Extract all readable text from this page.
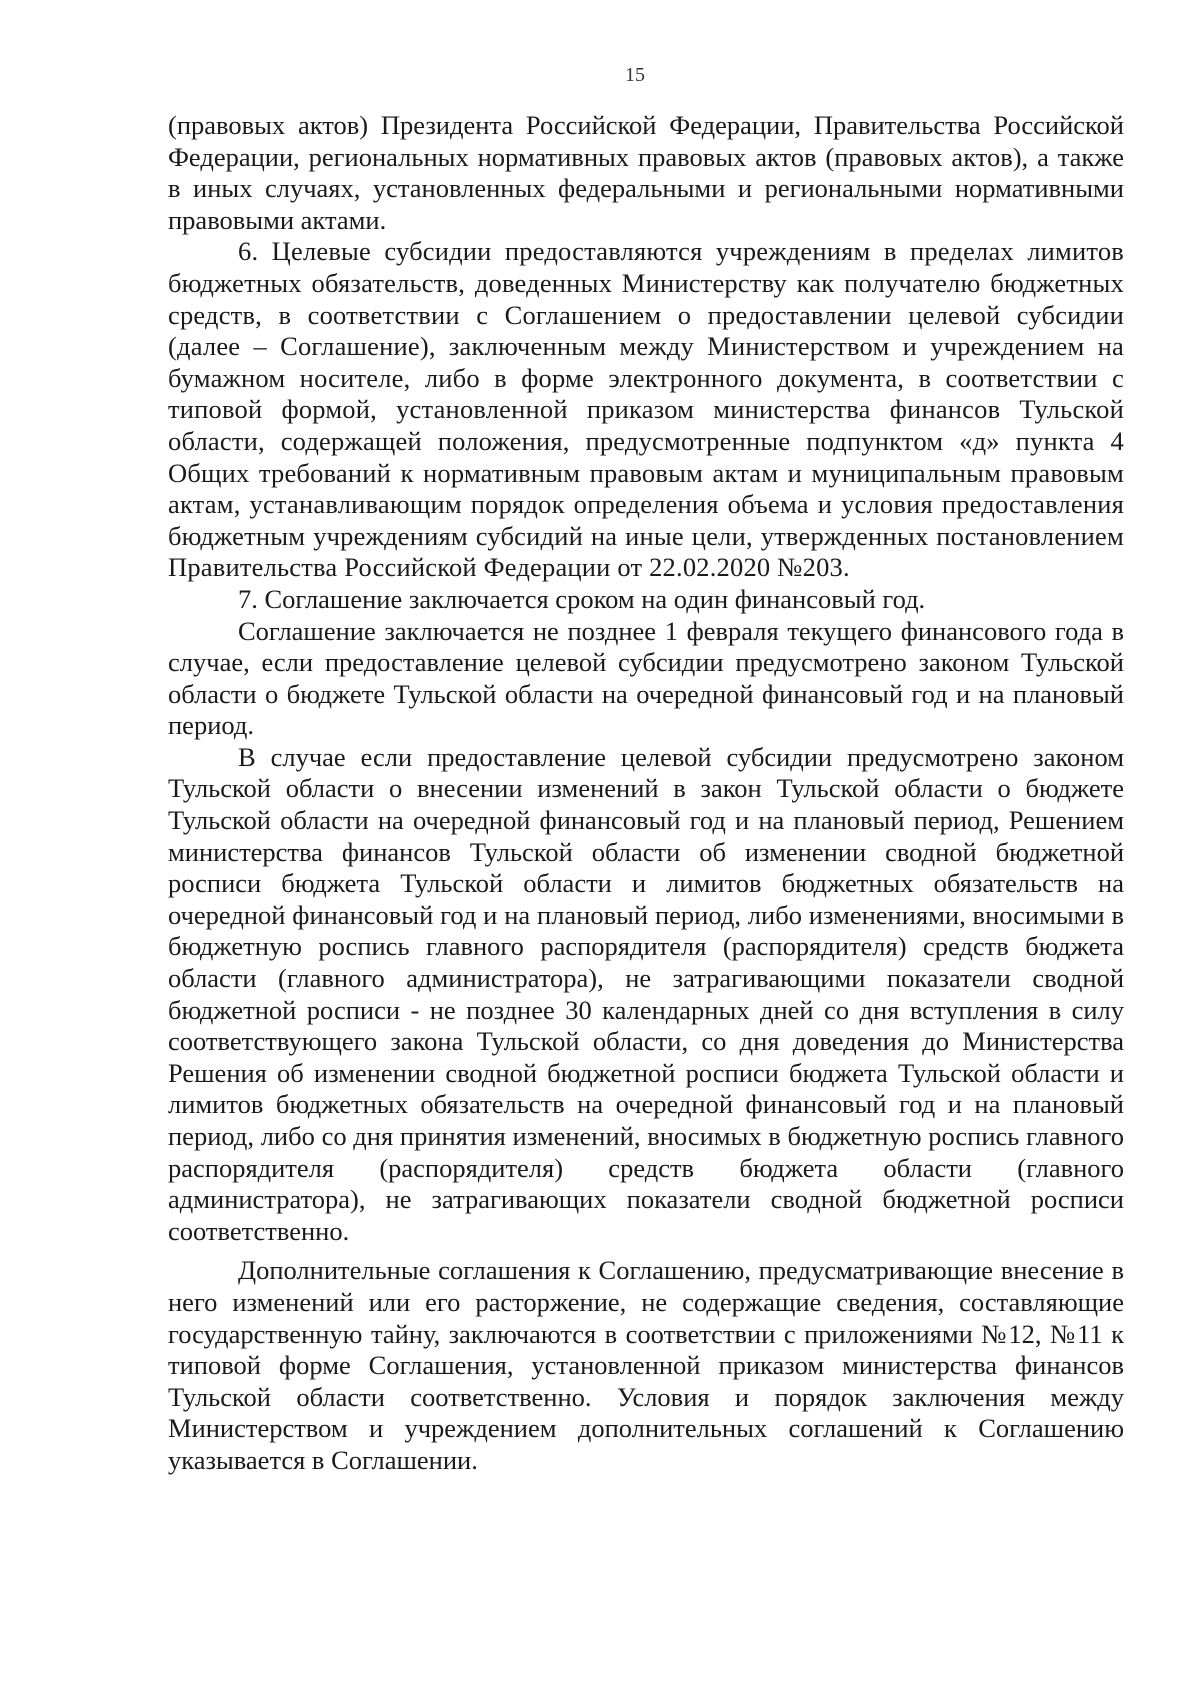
15

(правовых актов) Президента Российской Федерации, Правительства Российской Федерации, региональных нормативных правовых актов (правовых актов), а также в иных случаях, установленных федеральными и региональными нормативными правовыми актами.

6. Целевые субсидии предоставляются учреждениям в пределах лимитов бюджетных обязательств, доведенных Министерству как получателю бюджетных средств, в соответствии с Соглашением о предоставлении целевой субсидии (далее – Соглашение), заключенным между Министерством и учреждением на бумажном носителе, либо в форме электронного документа, в соответствии с типовой формой, установленной приказом министерства финансов Тульской области, содержащей положения, предусмотренные подпунктом «д» пункта 4 Общих требований к нормативным правовым актам и муниципальным правовым актам, устанавливающим порядок определения объема и условия предоставления бюджетным учреждениям субсидий на иные цели, утвержденных постановлением Правительства Российской Федерации от 22.02.2020 №203.

7. Соглашение заключается сроком на один финансовый год.

Соглашение заключается не позднее 1 февраля текущего финансового года в случае, если предоставление целевой субсидии предусмотрено законом Тульской области о бюджете Тульской области на очередной финансовый год и на плановый период.

В случае если предоставление целевой субсидии предусмотрено законом Тульской области о внесении изменений в закон Тульской области о бюджете Тульской области на очередной финансовый год и на плановый период, Решением министерства финансов Тульской области об изменении сводной бюджетной росписи бюджета Тульской области и лимитов бюджетных обязательств на очередной финансовый год и на плановый период, либо изменениями, вносимыми в бюджетную роспись главного распорядителя (распорядителя) средств бюджета области (главного администратора), не затрагивающими показатели сводной бюджетной росписи - не позднее 30 календарных дней со дня вступления в силу соответствующего закона Тульской области, со дня доведения до Министерства Решения об изменении сводной бюджетной росписи бюджета Тульской области и лимитов бюджетных обязательств на очередной финансовый год и на плановый период, либо со дня принятия изменений, вносимых в бюджетную роспись главного распорядителя (распорядителя) средств бюджета области (главного администратора), не затрагивающих показатели сводной бюджетной росписи соответственно.

Дополнительные соглашения к Соглашению, предусматривающие внесение в него изменений или его расторжение, не содержащие сведения, составляющие государственную тайну, заключаются в соответствии с приложениями №12, №11 к типовой форме Соглашения, установленной приказом министерства финансов Тульской области соответственно. Условия и порядок заключения между Министерством и учреждением дополнительных соглашений к Соглашению указывается в Соглашении.
